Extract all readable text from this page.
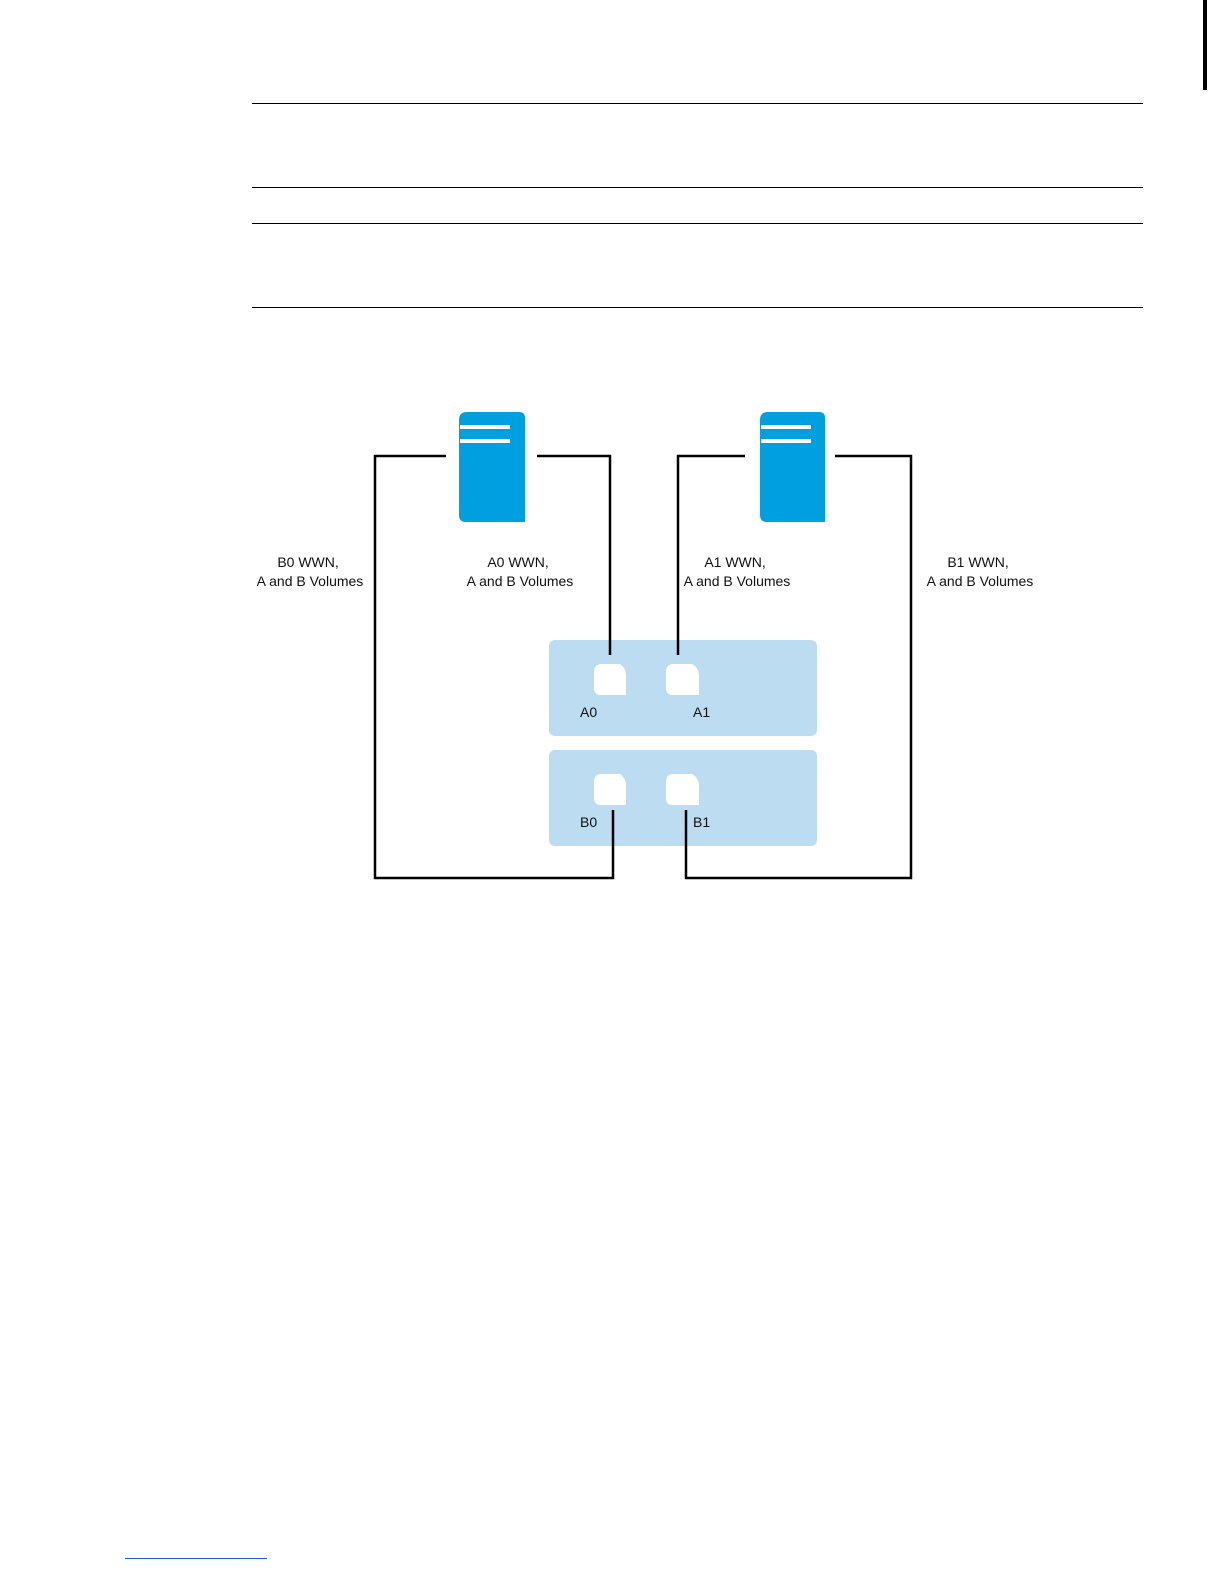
B0 WWN, A and B Volumes
A0 WWN, A and B Volumes
A1 WWN, A and B Volumes
B1 WWN, A and B Volumes
A0	A1
B0	B1
